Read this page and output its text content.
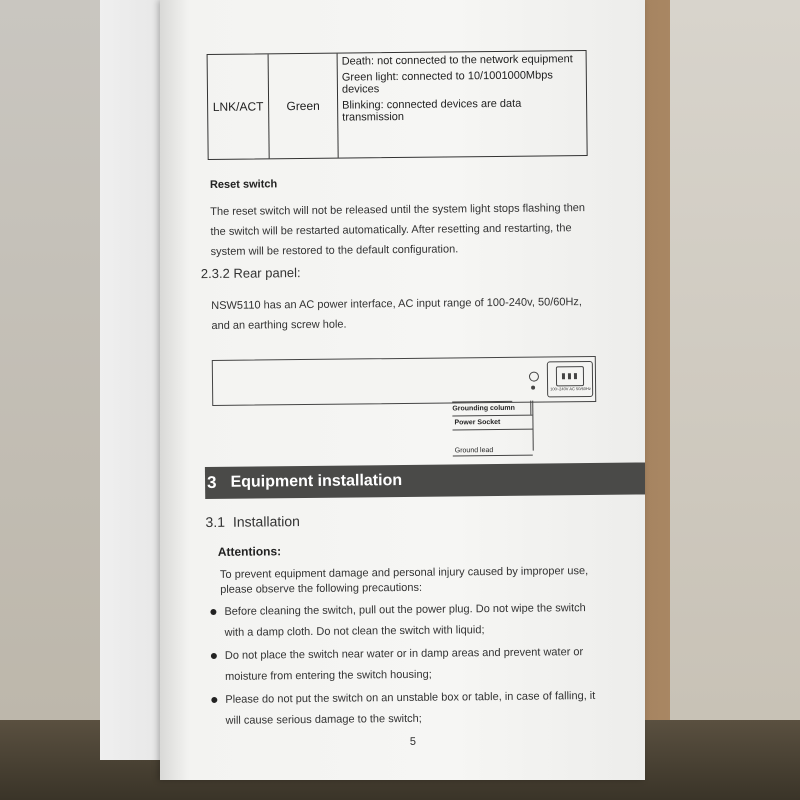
LNK/ACT	Green
Death: not connected to the network equipment
Green light: connected to 10/1001000Mbps devices
Blinking: connected devices are data transmission
Reset switch
The reset switch will not be released until the system light stops flashing then the switch will be restarted automatically. After resetting and restarting, the system will be restored to the default configuration.
2.3.2 Rear panel:
NSW5110 has an AC power interface, AC input range of 100-240v, 50/60Hz, and an earthing screw hole.
100~240V AC 50/60Hz
Grounding column
Power Socket
Ground lead
3 Equipment installation
3.1 Installation
Attentions:
To prevent equipment damage and personal injury caused by improper use, please observe the following precautions:
Before cleaning the switch, pull out the power plug. Do not wipe the switch with a damp cloth. Do not clean the switch with liquid;
Do not place the switch near water or in damp areas and prevent water or moisture from entering the switch housing;
Please do not put the switch on an unstable box or table, in case of falling, it will cause serious damage to the switch;
5
